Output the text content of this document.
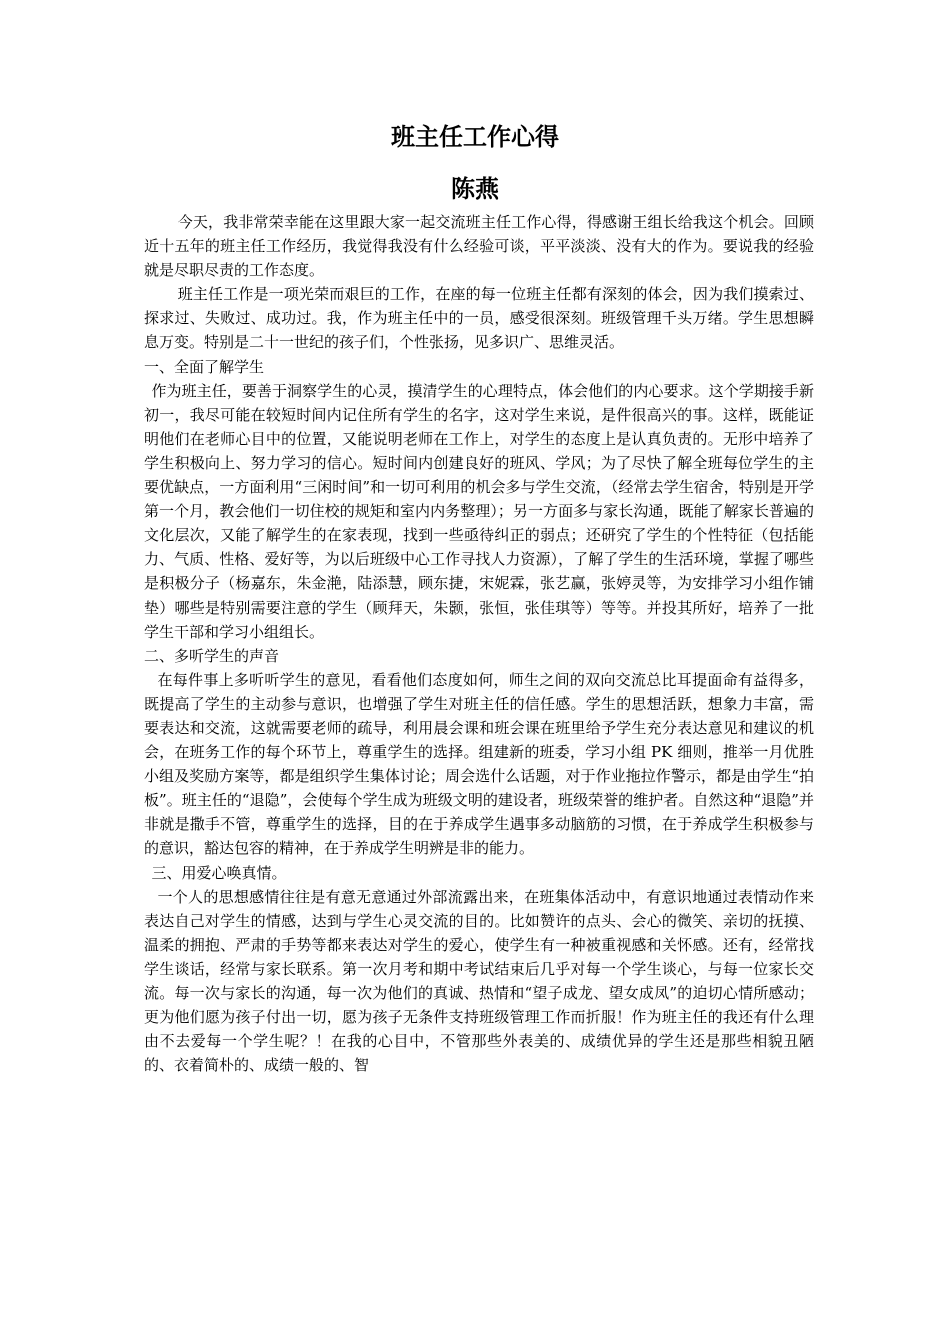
班主任工作心得
陈燕

今天，我非常荣幸能在这里跟大家一起交流班主任工作心得，得感谢王组长给我这个机会。回顾近十五年的班主任工作经历，我觉得我没有什么经验可谈，平平淡淡、没有大的作为。要说我的经验就是尽职尽责的工作态度。

班主任工作是一项光荣而艰巨的工作，在座的每一位班主任都有深刻的体会，因为我们摸索过、探求过、失败过、成功过。我，作为班主任中的一员，感受很深刻。班级管理千头万绪。学生思想瞬息万变。特别是二十一世纪的孩子们，个性张扬，见多识广、思维灵活。

一、全面了解学生

作为班主任，要善于洞察学生的心灵，摸清学生的心理特点，体会他们的内心要求。这个学期接手新初一，我尽可能在较短时间内记住所有学生的名字，这对学生来说，是件很高兴的事。这样，既能证明他们在老师心目中的位置，又能说明老师在工作上，对学生的态度上是认真负责的。无形中培养了学生积极向上、努力学习的信心。短时间内创建良好的班风、学风；为了尽快了解全班每位学生的主要优缺点，一方面利用“三闲时间”和一切可利用的机会多与学生交流，（经常去学生宿舍，特别是开学第一个月，教会他们一切住校的规矩和室内内务整理）；另一方面多与家长沟通，既能了解家长普遍的文化层次，又能了解学生的在家表现，找到一些亟待纠正的弱点；还研究了学生的个性特征（包括能力、气质、性格、爱好等，为以后班级中心工作寻找人力资源），了解了学生的生活环境，掌握了哪些是积极分子（杨嘉东，朱金滟，陆添慧，顾东捷，宋妮霖，张艺赢，张婷灵等，为安排学习小组作铺垫）哪些是特别需要注意的学生（顾拜天，朱颢，张恒，张佳琪等）等等。并投其所好，培养了一批学生干部和学习小组组长。

二、多听学生的声音

在每件事上多听听学生的意见，看看他们态度如何，师生之间的双向交流总比耳提面命有益得多，既提高了学生的主动参与意识，也增强了学生对班主任的信任感。学生的思想活跃，想象力丰富，需要表达和交流，这就需要老师的疏导，利用晨会课和班会课在班里给予学生充分表达意见和建议的机会，在班务工作的每个环节上，尊重学生的选择。组建新的班委，学习小组 PK 细则，推举一月优胜小组及奖励方案等，都是组织学生集体讨论；周会选什么话题，对于作业拖拉作警示，都是由学生“拍板”。班主任的“退隐”，会使每个学生成为班级文明的建设者，班级荣誉的维护者。自然这种“退隐”并非就是撒手不管，尊重学生的选择，目的在于养成学生遇事多动脑筋的习惯，在于养成学生积极参与的意识，豁达包容的精神，在于养成学生明辨是非的能力。

三、用爱心唤真情。

一个人的思想感情往往是有意无意通过外部流露出来，在班集体活动中，有意识地通过表情动作来表达自己对学生的情感，达到与学生心灵交流的目的。比如赞许的点头、会心的微笑、亲切的抚摸、温柔的拥抱、严肃的手势等都来表达对学生的爱心，使学生有一种被重视感和关怀感。还有，经常找学生谈话，经常与家长联系。第一次月考和期中考试结束后几乎对每一个学生谈心，与每一位家长交流。每一次与家长的沟通，每一次为他们的真诚、热情和“望子成龙、望女成凤”的迫切心情所感动；更为他们愿为孩子付出一切，愿为孩子无条件支持班级管理工作而折服！作为班主任的我还有什么理由不去爱每一个学生呢？！在我的心目中，不管那些外表美的、成绩优异的学生还是那些相貌丑陋的、衣着简朴的、成绩一般的、智
